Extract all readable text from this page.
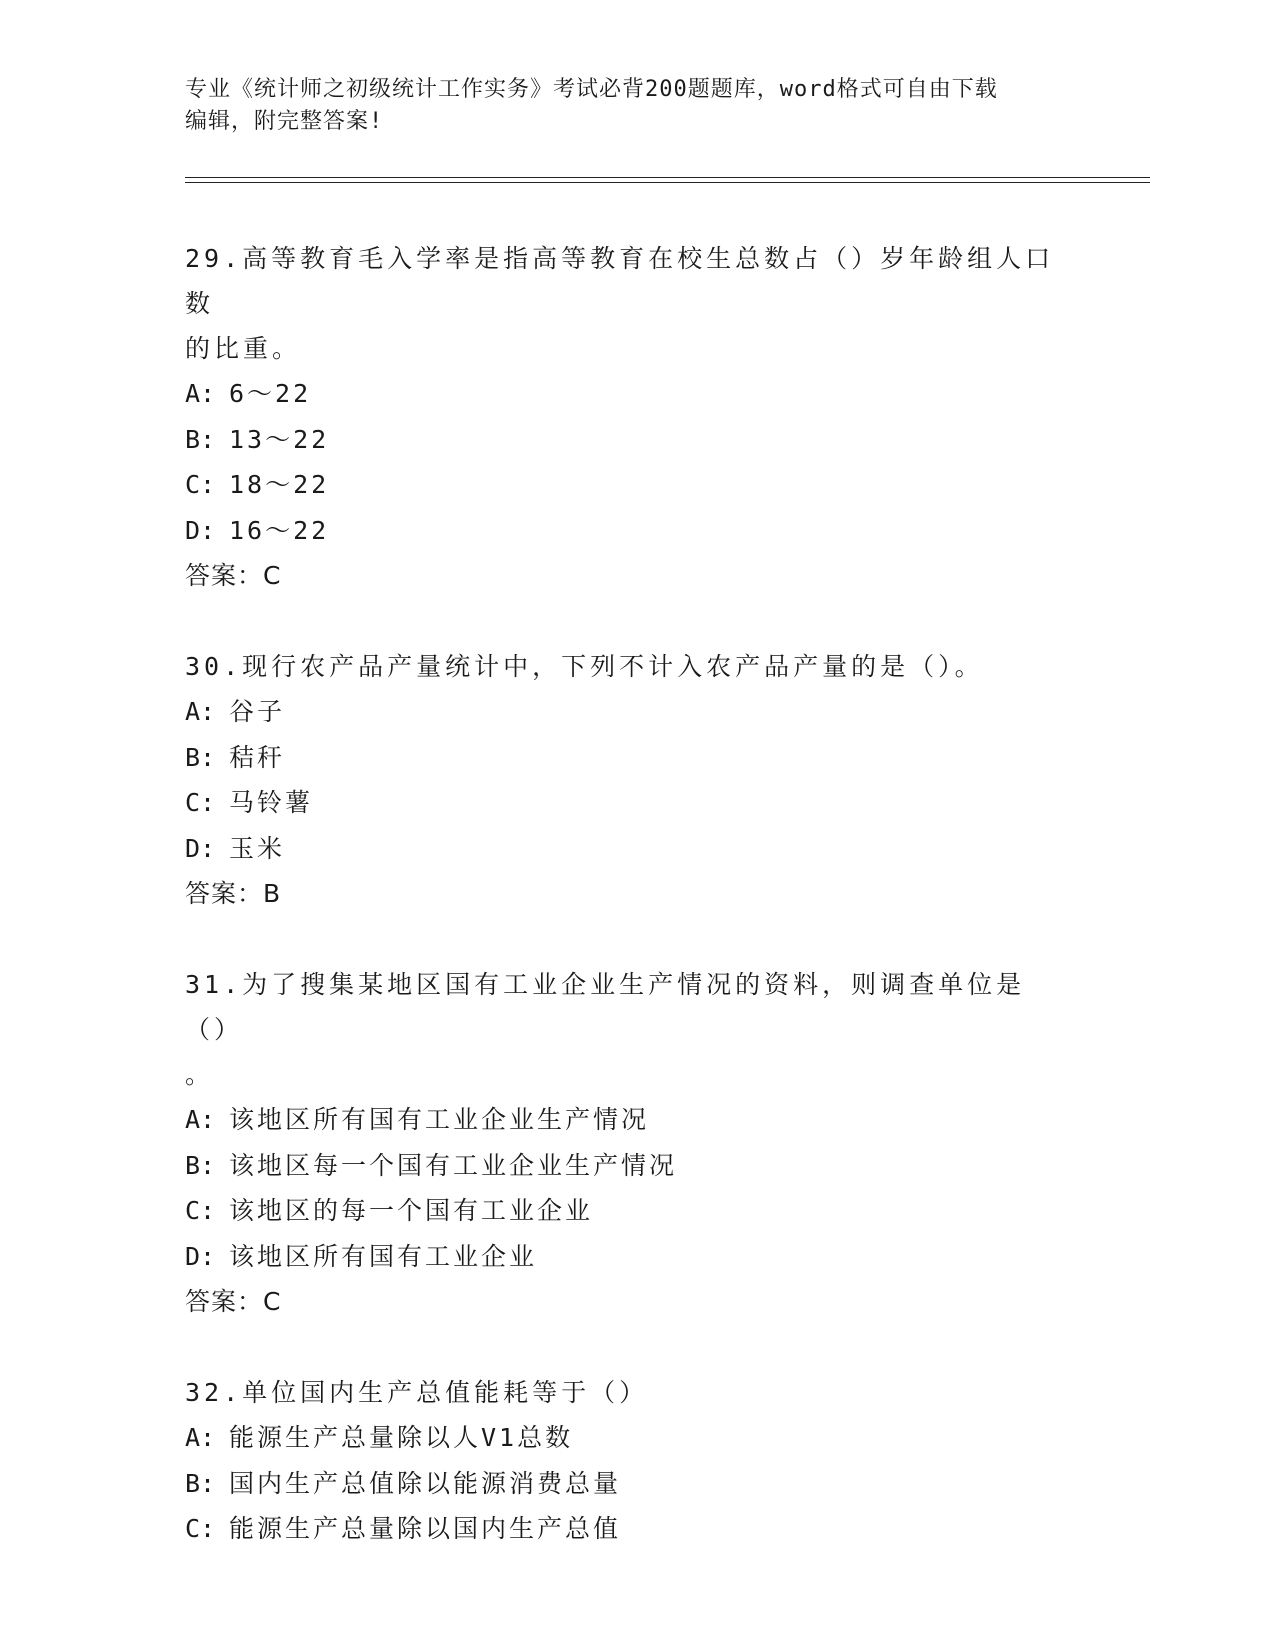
专业《统计师之初级统计工作实务》考试必背200题题库，word格式可自由下载
编辑，附完整答案!
29.高等教育毛入学率是指高等教育在校生总数占（）岁年龄组人口数
的比重。
A: 6～22
B: 13～22
C: 18～22
D: 16～22
答案：C
30.现行农产品产量统计中，下列不计入农产品产量的是（）。
A: 谷子
B: 秸秆
C: 马铃薯
D: 玉米
答案：B
31.为了搜集某地区国有工业企业生产情况的资料，则调查单位是（）
。
A: 该地区所有国有工业企业生产情况
B: 该地区每一个国有工业企业生产情况
C: 该地区的每一个国有工业企业
D: 该地区所有国有工业企业
答案：C
32.单位国内生产总值能耗等于（）
A: 能源生产总量除以人V1总数
B: 国内生产总值除以能源消费总量
C: 能源生产总量除以国内生产总值
